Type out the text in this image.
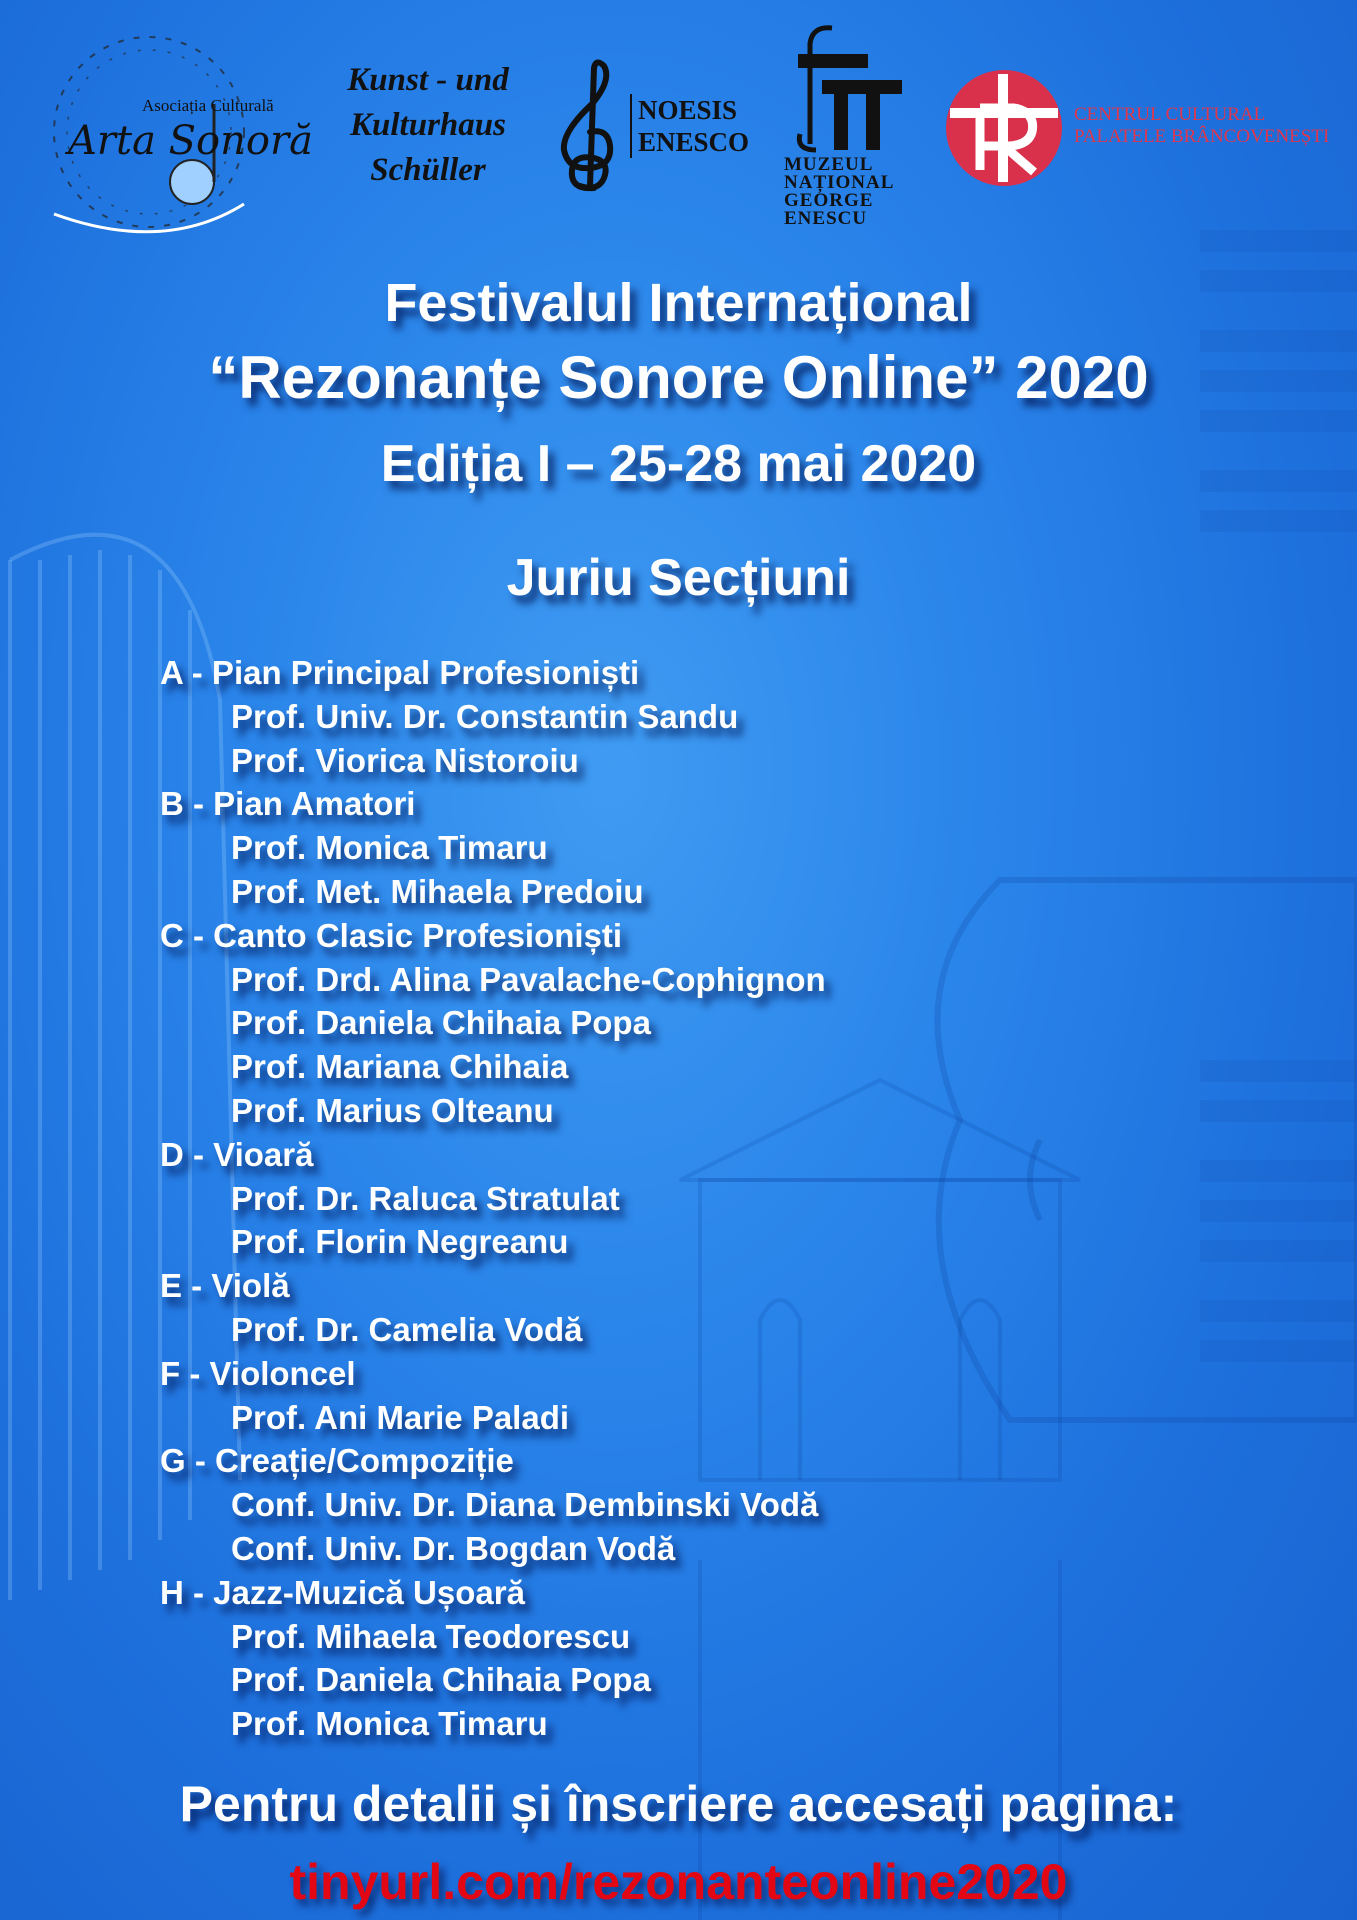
Asociația Culturală
Arta Sonoră
Kunst - und
Kulturhaus
Schüller
NOESIS
ENESCO
MUZEUL
NAȚIONAL
GEORGE
ENESCU
CENTRUL CULTURAL
PALATELE BRÂNCOVENEȘTI
Festivalul Internațional
“Rezonanțe Sonore Online” 2020
Ediția I – 25-28 mai 2020
Juriu Secțiuni
A - Pian Principal Profesioniști
Prof. Univ. Dr. Constantin Sandu
Prof. Viorica Nistoroiu
B - Pian Amatori
Prof. Monica Timaru
Prof. Met. Mihaela Predoiu
C - Canto Clasic Profesioniști
Prof. Drd. Alina Pavalache-Cophignon
Prof. Daniela Chihaia Popa
Prof. Mariana Chihaia
Prof. Marius Olteanu
D - Vioară
Prof. Dr. Raluca Stratulat
Prof. Florin Negreanu
E - Violă
Prof. Dr. Camelia Vodă
F - Violoncel
Prof. Ani Marie Paladi
G - Creație/Compoziție
Conf. Univ. Dr. Diana Dembinski Vodă
Conf. Univ. Dr. Bogdan Vodă
H - Jazz-Muzică Ușoară
Prof. Mihaela Teodorescu
Prof. Daniela Chihaia Popa
Prof. Monica Timaru
Pentru detalii și înscriere accesați pagina:
tinyurl.com/rezonanteonline2020
